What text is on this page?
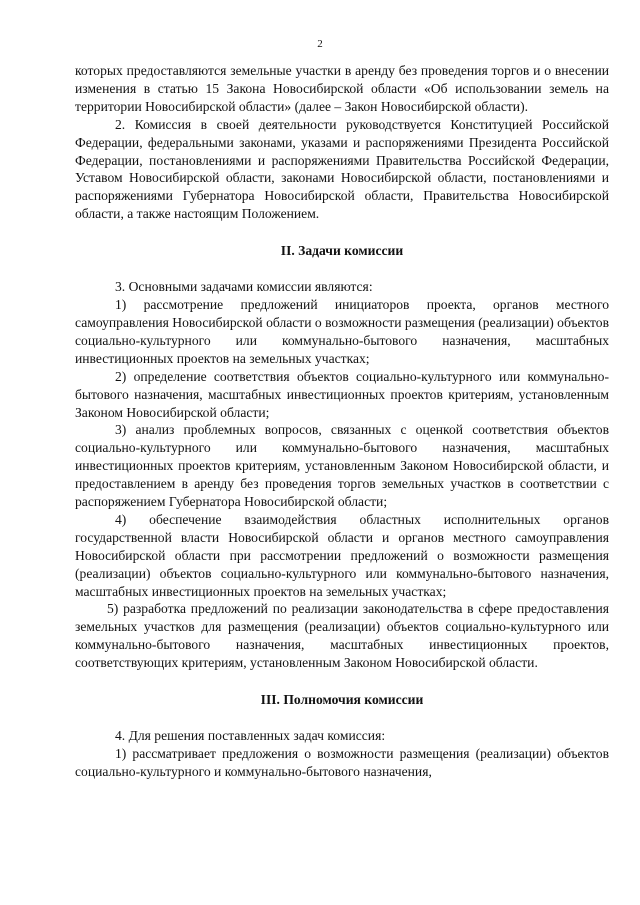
2

которых предоставляются земельные участки в аренду без проведения торгов и о внесении изменения в статью 15 Закона Новосибирской области «Об использовании земель на территории Новосибирской области» (далее – Закон Новосибирской области).

2. Комиссия в своей деятельности руководствуется Конституцией Российской Федерации, федеральными законами, указами и распоряжениями Президента Российской Федерации, постановлениями и распоряжениями Правительства Российской Федерации, Уставом Новосибирской области, законами Новосибирской области, постановлениями и распоряжениями Губернатора Новосибирской области, Правительства Новосибирской области, а также настоящим Положением.

II. Задачи комиссии

3. Основными задачами комиссии являются:

1) рассмотрение предложений инициаторов проекта, органов местного самоуправления Новосибирской области о возможности размещения (реализации) объектов социально-культурного или коммунально-бытового назначения, масштабных инвестиционных проектов на земельных участках;

2) определение соответствия объектов социально-культурного или коммунально-бытового назначения, масштабных инвестиционных проектов критериям, установленным Законом Новосибирской области;

3) анализ проблемных вопросов, связанных с оценкой соответствия объектов социально-культурного или коммунально-бытового назначения, масштабных инвестиционных проектов критериям, установленным Законом Новосибирской области, и предоставлением в аренду без проведения торгов земельных участков в соответствии с распоряжением Губернатора Новосибирской области;

4) обеспечение взаимодействия областных исполнительных органов государственной власти Новосибирской области и органов местного самоуправления Новосибирской области при рассмотрении предложений о возможности размещения (реализации) объектов социально-культурного или коммунально-бытового назначения, масштабных инвестиционных проектов на земельных участках;

5) разработка предложений по реализации законодательства в сфере предоставления земельных участков для размещения (реализации) объектов социально-культурного или коммунально-бытового назначения, масштабных инвестиционных проектов, соответствующих критериям, установленным Законом Новосибирской области.

III. Полномочия комиссии

4. Для решения поставленных задач комиссия:

1) рассматривает предложения о возможности размещения (реализации) объектов социально-культурного и коммунально-бытового назначения,
